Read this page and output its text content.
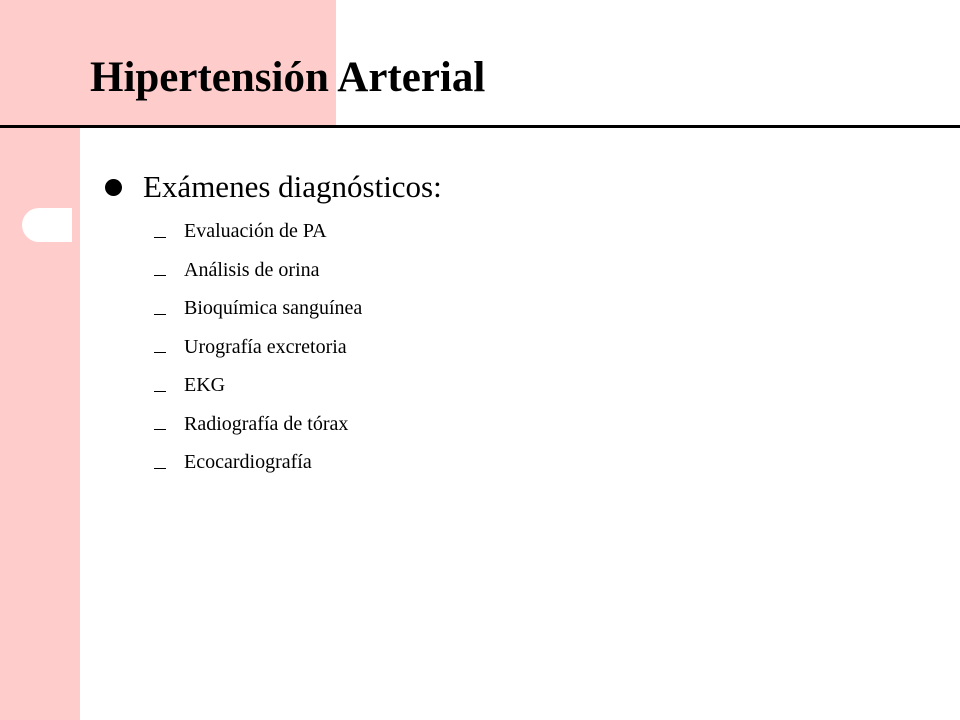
Hipertensión Arterial
Exámenes diagnósticos:
Evaluación de PA
Análisis de orina
Bioquímica sanguínea
Urografía excretoria
EKG
Radiografía de tórax
Ecocardiografía
